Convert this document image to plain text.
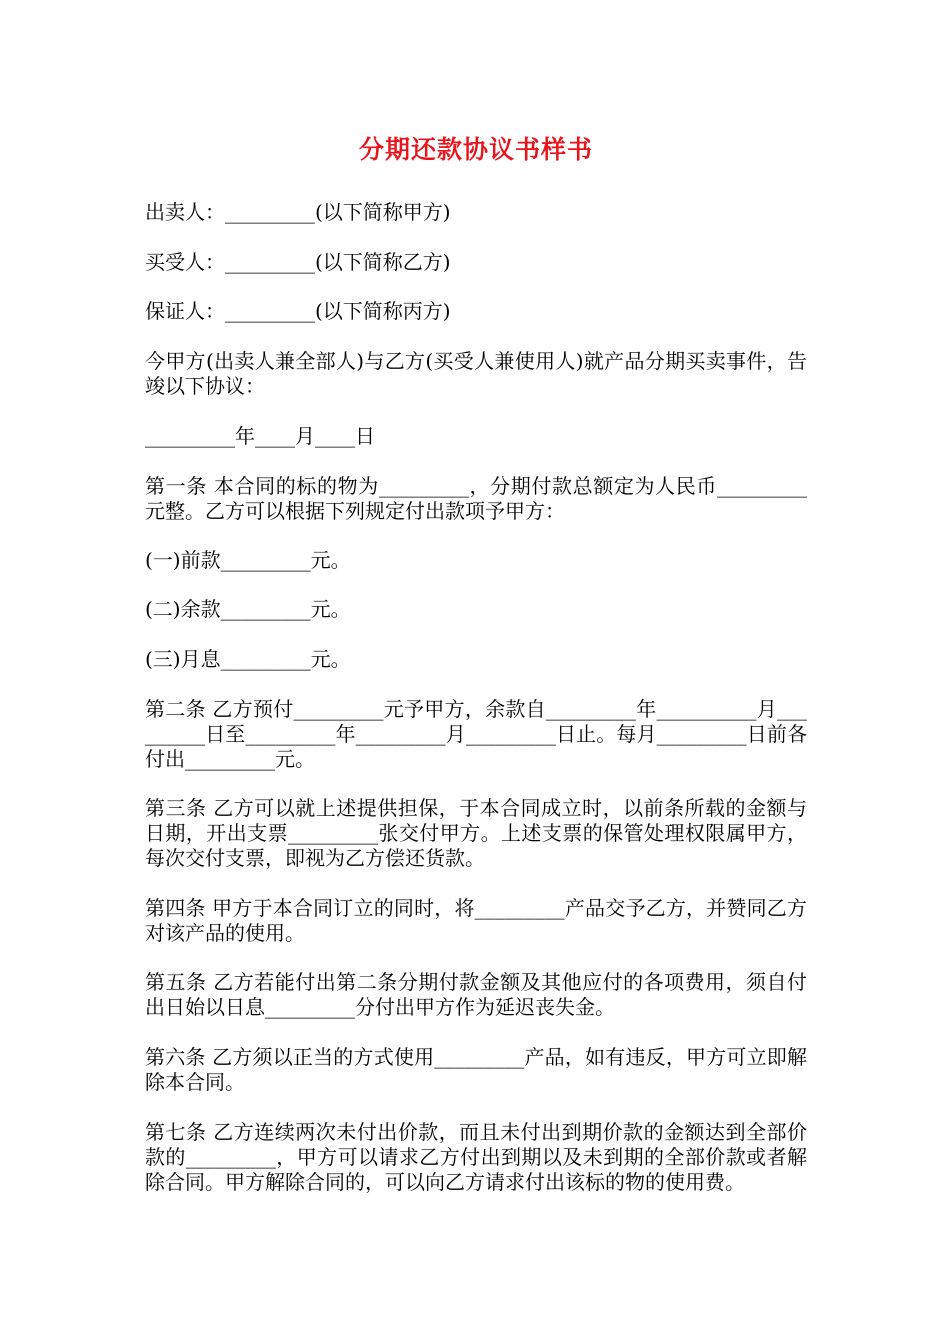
分期还款协议书样书

出卖人：_________(以下简称甲方)

买受人：_________(以下简称乙方)

保证人：_________(以下简称丙方)

今甲方(出卖人兼全部人)与乙方(买受人兼使用人)就产品分期买卖事件，告竣以下协议：

_________年____月____日

第一条 本合同的标的物为_________，分期付款总额定为人民币_________元整。乙方可以根据下列规定付出款项予甲方：

(一)前款_________元。

(二)余款_________元。

(三)月息_________元。

第二条 乙方预付_________元予甲方，余款自_________年__________月_________日至_________年_________月_________日止。每月_________日前各付出_________元。

第三条 乙方可以就上述提供担保，于本合同成立时，以前条所载的金额与日期，开出支票_________张交付甲方。上述支票的保管处理权限属甲方，每次交付支票，即视为乙方偿还货款。

第四条 甲方于本合同订立的同时，将_________产品交予乙方，并赞同乙方对该产品的使用。

第五条 乙方若能付出第二条分期付款金额及其他应付的各项费用，须自付出日始以日息_________分付出甲方作为延迟丧失金。

第六条 乙方须以正当的方式使用_________产品，如有违反，甲方可立即解除本合同。

第七条 乙方连续两次未付出价款，而且未付出到期价款的金额达到全部价款的_________，甲方可以请求乙方付出到期以及未到期的全部价款或者解除合同。甲方解除合同的，可以向乙方请求付出该标的物的使用费。
